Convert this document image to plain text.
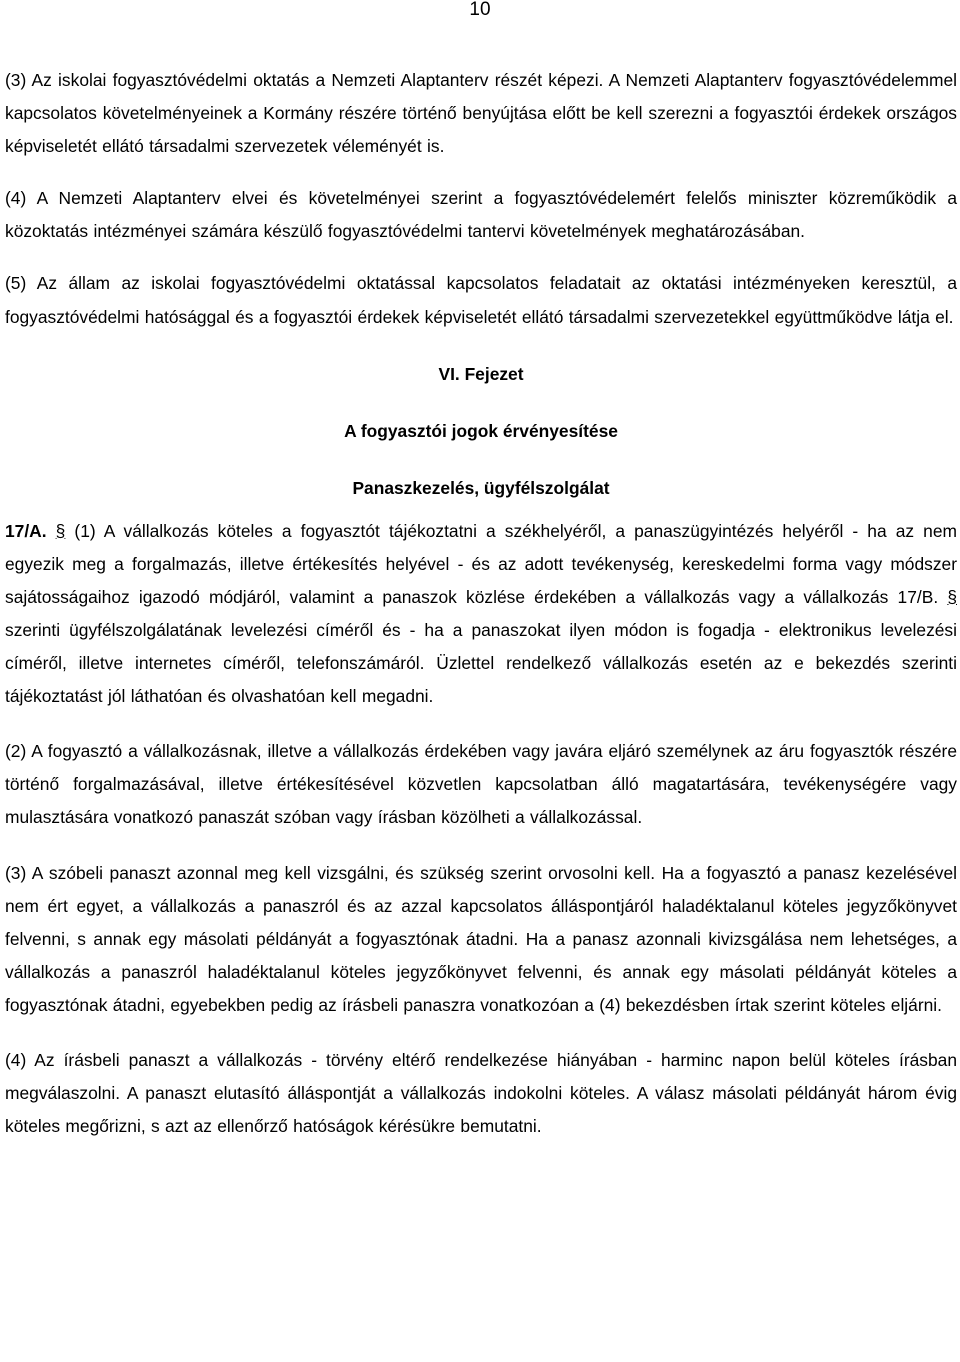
10

(3) Az iskolai fogyasztóvédelmi oktatás a Nemzeti Alaptanterv részét képezi. A Nemzeti Alaptanterv fogyasztóvédelemmel kapcsolatos követelményeinek a Kormány részére történő benyújtása előtt be kell szerezni a fogyasztói érdekek országos képviseletét ellátó társadalmi szervezetek véleményét is.

(4) A Nemzeti Alaptanterv elvei és követelményei szerint a fogyasztóvédelemért felelős miniszter közreműködik a közoktatás intézményei számára készülő fogyasztóvédelmi tantervi követelmények meghatározásában.

(5) Az állam az iskolai fogyasztóvédelmi oktatással kapcsolatos feladatait az oktatási intézményeken keresztül, a fogyasztóvédelmi hatósággal és a fogyasztói érdekek képviseletét ellátó társadalmi szervezetekkel együttműködve látja el.

VI. Fejezet

A fogyasztói jogok érvényesítése

Panaszkezelés, ügyfélszolgálat

17/A. § (1) A vállalkozás köteles a fogyasztót tájékoztatni a székhelyéről, a panaszügyintézés helyéről - ha az nem egyezik meg a forgalmazás, illetve értékesítés helyével - és az adott tevékenység, kereskedelmi forma vagy módszer sajátosságaihoz igazodó módjáról, valamint a panaszok közlése érdekében a vállalkozás vagy a vállalkozás 17/B. § szerinti ügyfélszolgálatának levelezési címéről és - ha a panaszokat ilyen módon is fogadja - elektronikus levelezési címéről, illetve internetes címéről, telefonszámáról. Üzlettel rendelkező vállalkozás esetén az e bekezdés szerinti tájékoztatást jól láthatóan és olvashatóan kell megadni.

(2) A fogyasztó a vállalkozásnak, illetve a vállalkozás érdekében vagy javára eljáró személynek az áru fogyasztók részére történő forgalmazásával, illetve értékesítésével közvetlen kapcsolatban álló magatartására, tevékenységére vagy mulasztására vonatkozó panaszát szóban vagy írásban közölheti a vállalkozással.

(3) A szóbeli panaszt azonnal meg kell vizsgálni, és szükség szerint orvosolni kell. Ha a fogyasztó a panasz kezelésével nem ért egyet, a vállalkozás a panaszról és az azzal kapcsolatos álláspontjáról haladéktalanul köteles jegyzőkönyvet felvenni, s annak egy másolati példányát a fogyasztónak átadni. Ha a panasz azonnali kivizsgálása nem lehetséges, a vállalkozás a panaszról haladéktalanul köteles jegyzőkönyvet felvenni, és annak egy másolati példányát köteles a fogyasztónak átadni, egyebekben pedig az írásbeli panaszra vonatkozóan a (4) bekezdésben írtak szerint köteles eljárni.

(4) Az írásbeli panaszt a vállalkozás - törvény eltérő rendelkezése hiányában - harminc napon belül köteles írásban megválaszolni. A panaszt elutasító álláspontját a vállalkozás indokolni köteles. A válasz másolati példányát három évig köteles megőrizni, s azt az ellenőrző hatóságok kérésükre bemutatni.
